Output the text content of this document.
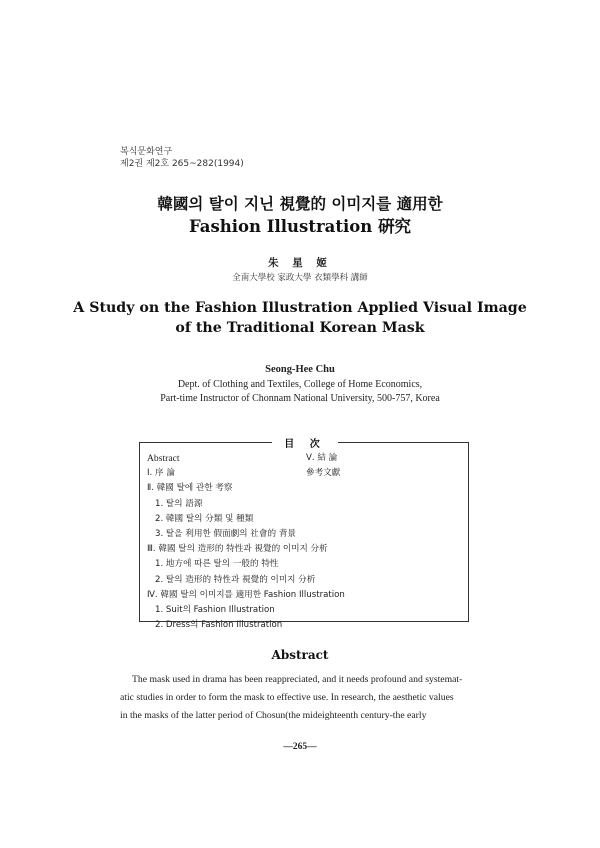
복식문화연구
제2권 제2호 265~282(1994)
韓國의 탈이 지닌 視覺的 이미지를 適用한
Fashion Illustration 硏究
朱 星 姬
全南大學校 家政大學 衣類學科 講師
A Study on the Fashion Illustration Applied Visual Image
of the Traditional Korean Mask
Seong-Hee Chu
Dept. of Clothing and Textiles, College of Home Economics,
Part-time Instructor of Chonnam National University, 500-757, Korea
目 次
Abstract
Ⅰ. 序 論
Ⅱ. 韓國 탈에 관한 考察
1. 탈의 語源
2. 韓國 탈의 分類 및 種類
3. 탈을 利用한 假面劇의 社會的 背景
Ⅲ. 韓國 탈의 造形的 特性과 視覺的 이미지 分析
1. 地方에 따른 탈의 一般的 特性
2. 탈의 造形的 特性과 視覺的 이미지 分析
Ⅳ. 韓國 탈의 이미지를 適用한 Fashion Illustration
1. Suit의 Fashion Illustration
2. Dress의 Fashion Illustration
Ⅴ. 結 論
參考文獻
Abstract
The mask used in drama has been reappreciated, and it needs profound and systemat-
atic studies in order to form the mask to effective use. In research, the aesthetic values
in the masks of the latter period of Chosun(the mideighteenth century-the early
—265—
